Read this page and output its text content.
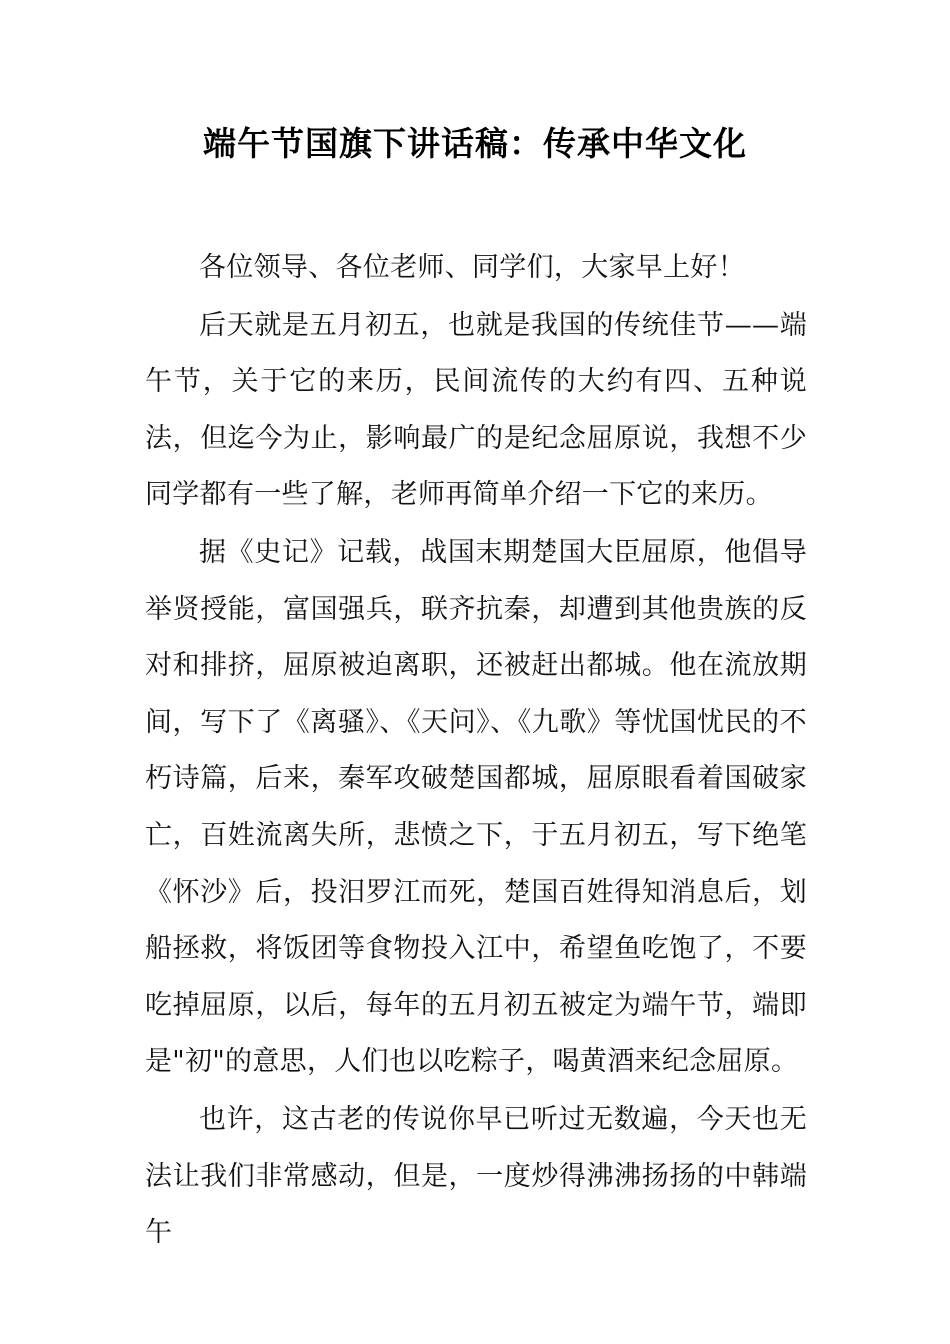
端午节国旗下讲话稿：传承中华文化

各位领导、各位老师、同学们，大家早上好！

后天就是五月初五，也就是我国的传统佳节——端午节，关于它的来历，民间流传的大约有四、五种说法，但迄今为止，影响最广的是纪念屈原说，我想不少同学都有一些了解，老师再简单介绍一下它的来历。

据《史记》记载，战国末期楚国大臣屈原，他倡导举贤授能，富国强兵，联齐抗秦，却遭到其他贵族的反对和排挤，屈原被迫离职，还被赶出都城。他在流放期间，写下了《离骚》、《天问》、《九歌》等忧国忧民的不朽诗篇，后来，秦军攻破楚国都城，屈原眼看着国破家亡，百姓流离失所，悲愤之下，于五月初五，写下绝笔《怀沙》后，投汨罗江而死，楚国百姓得知消息后，划船拯救，将饭团等食物投入江中，希望鱼吃饱了，不要吃掉屈原，以后，每年的五月初五被定为端午节，端即是"初"的意思，人们也以吃粽子，喝黄酒来纪念屈原。

也许，这古老的传说你早已听过无数遍，今天也无法让我们非常感动，但是，一度炒得沸沸扬扬的中韩端午
